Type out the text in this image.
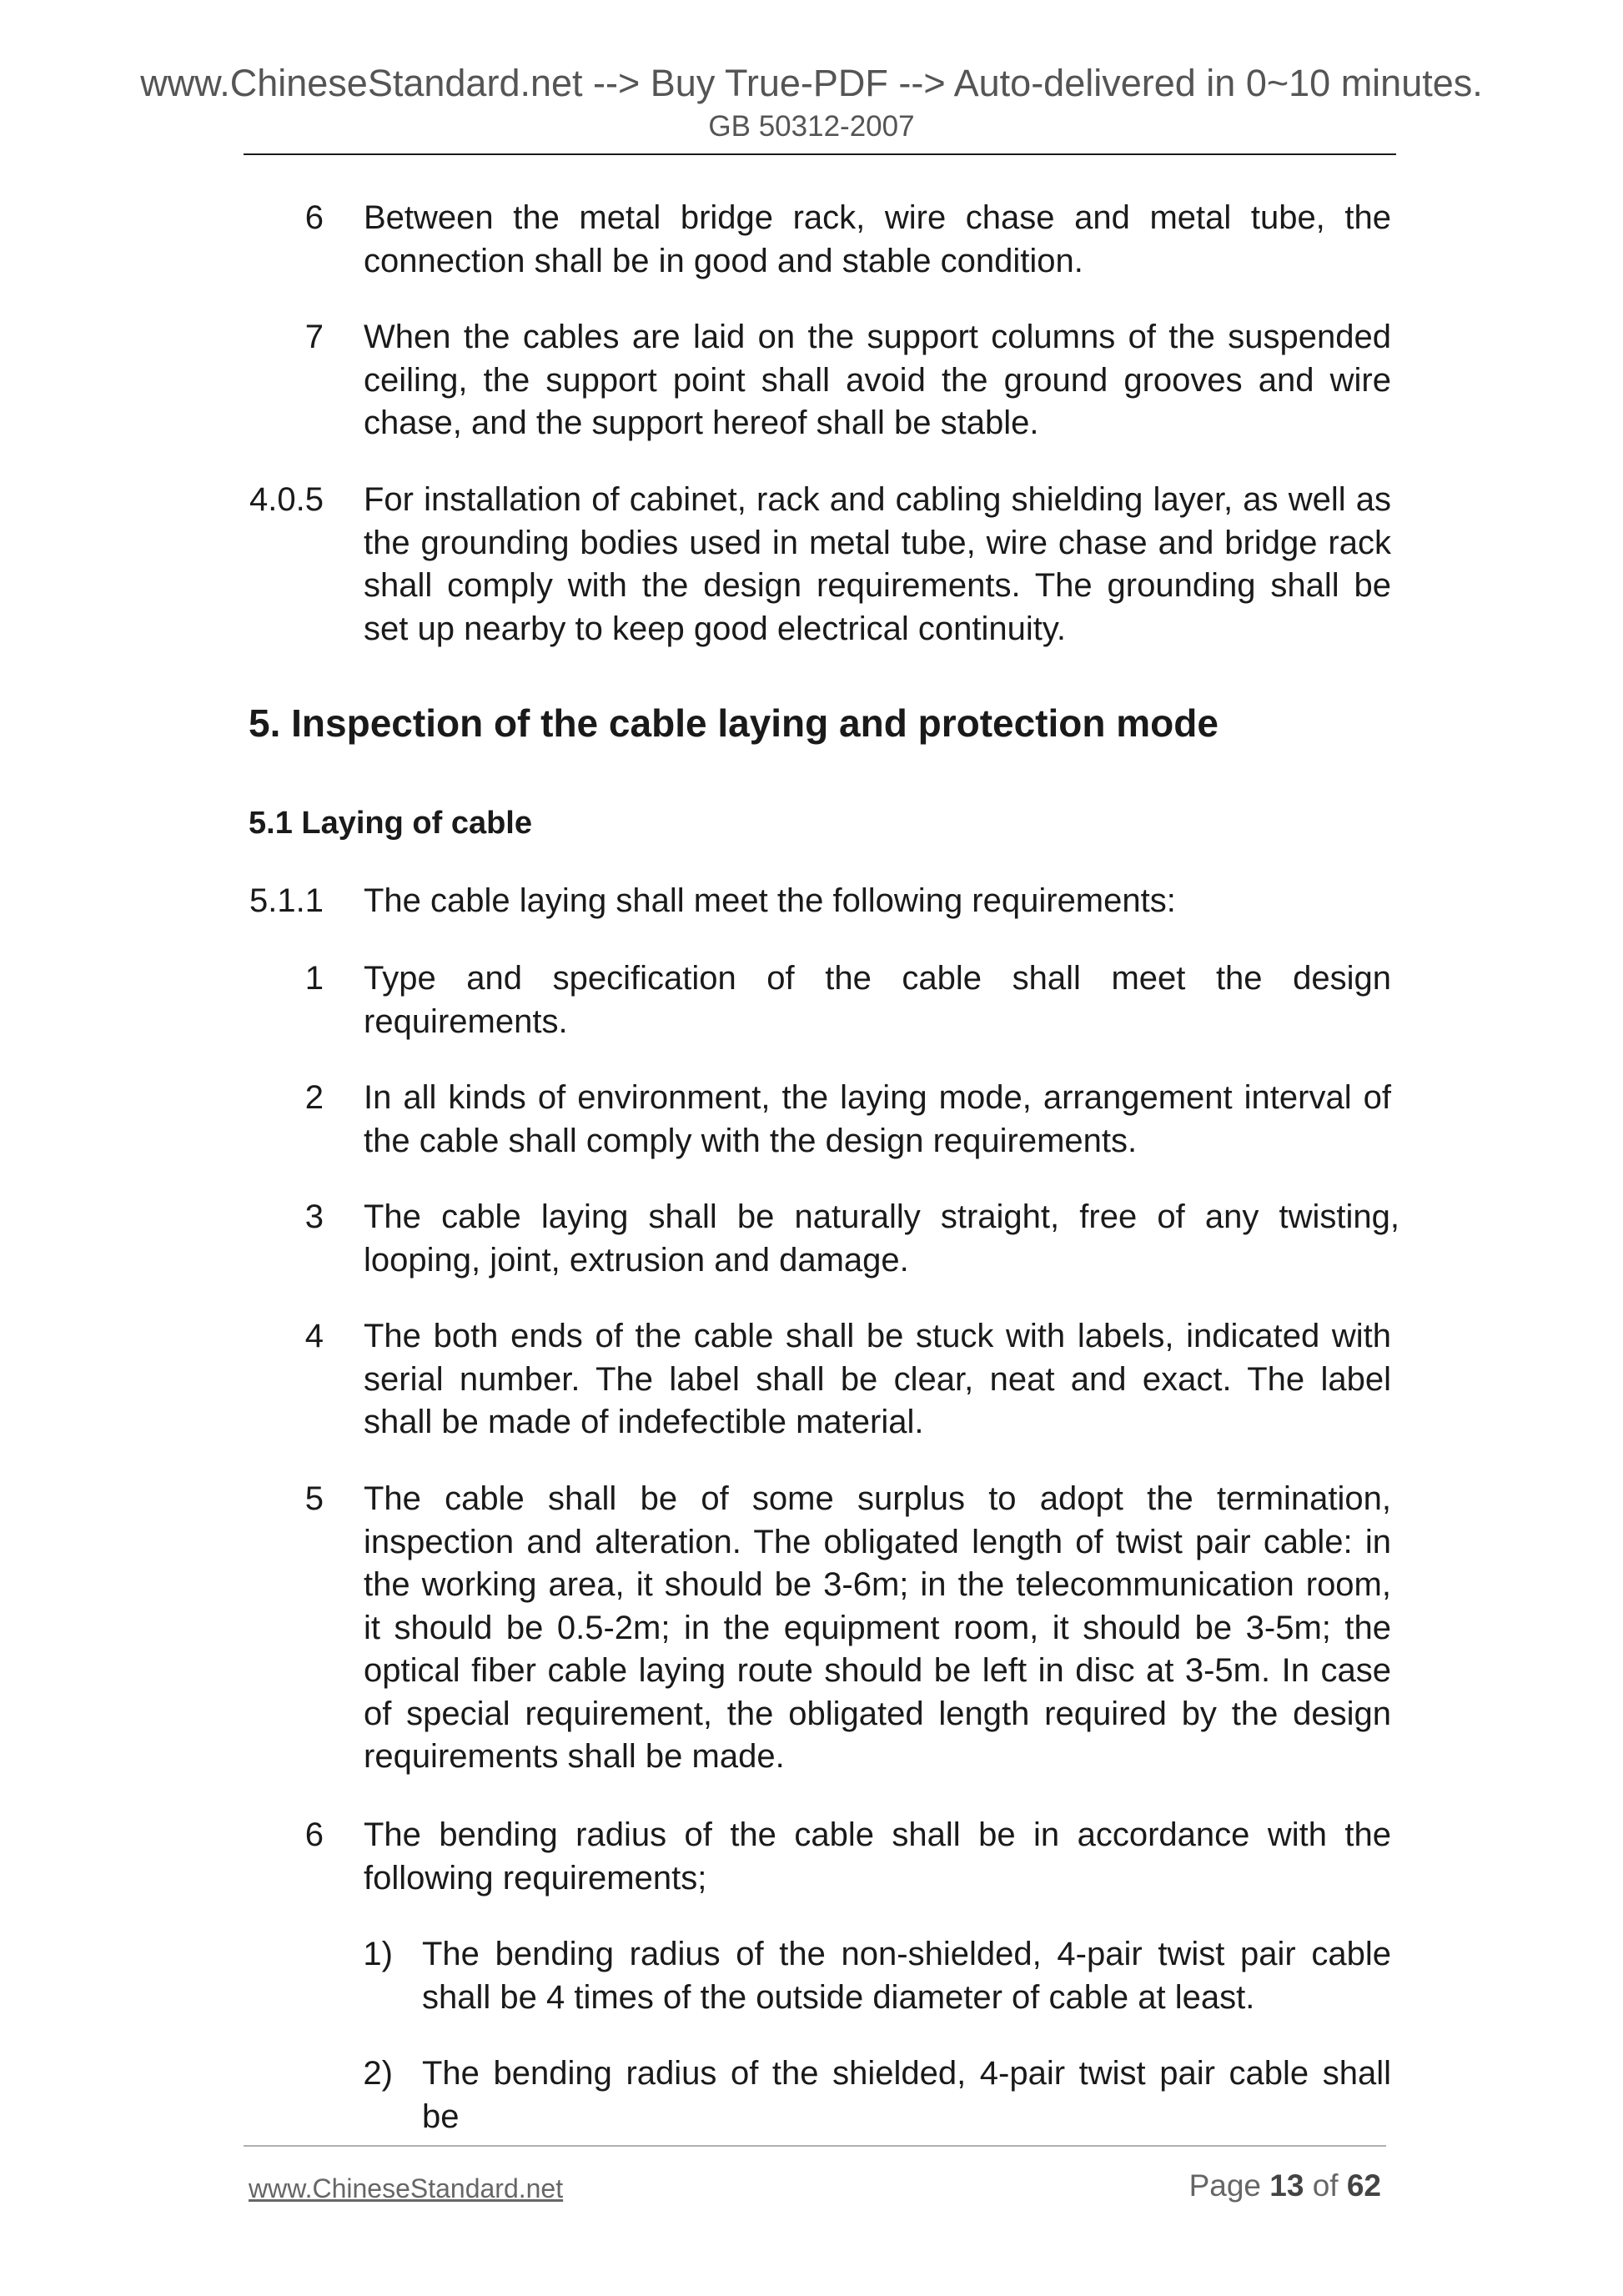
www.ChineseStandard.net --> Buy True-PDF --> Auto-delivered in 0~10 minutes.
GB 50312-2007
6 Between the metal bridge rack, wire chase and metal tube, the connection shall be in good and stable condition.
7 When the cables are laid on the support columns of the suspended ceiling, the support point shall avoid the ground grooves and wire chase, and the support hereof shall be stable.
4.0.5 For installation of cabinet, rack and cabling shielding layer, as well as the grounding bodies used in metal tube, wire chase and bridge rack shall comply with the design requirements. The grounding shall be set up nearby to keep good electrical continuity.
5. Inspection of the cable laying and protection mode
5.1 Laying of cable
5.1.1 The cable laying shall meet the following requirements:
1 Type and specification of the cable shall meet the design requirements.
2 In all kinds of environment, the laying mode, arrangement interval of the cable shall comply with the design requirements.
3 The cable laying shall be naturally straight, free of any twisting, looping, joint, extrusion and damage.
4 The both ends of the cable shall be stuck with labels, indicated with serial number. The label shall be clear, neat and exact. The label shall be made of indefectible material.
5 The cable shall be of some surplus to adopt the termination, inspection and alteration. The obligated length of twist pair cable: in the working area, it should be 3-6m; in the telecommunication room, it should be 0.5-2m; in the equipment room, it should be 3-5m; the optical fiber cable laying route should be left in disc at 3-5m. In case of special requirement, the obligated length required by the design requirements shall be made.
6 The bending radius of the cable shall be in accordance with the following requirements;
1) The bending radius of the non-shielded, 4-pair twist pair cable shall be 4 times of the outside diameter of cable at least.
2) The bending radius of the shielded, 4-pair twist pair cable shall be
www.ChineseStandard.net	Page 13 of 62
